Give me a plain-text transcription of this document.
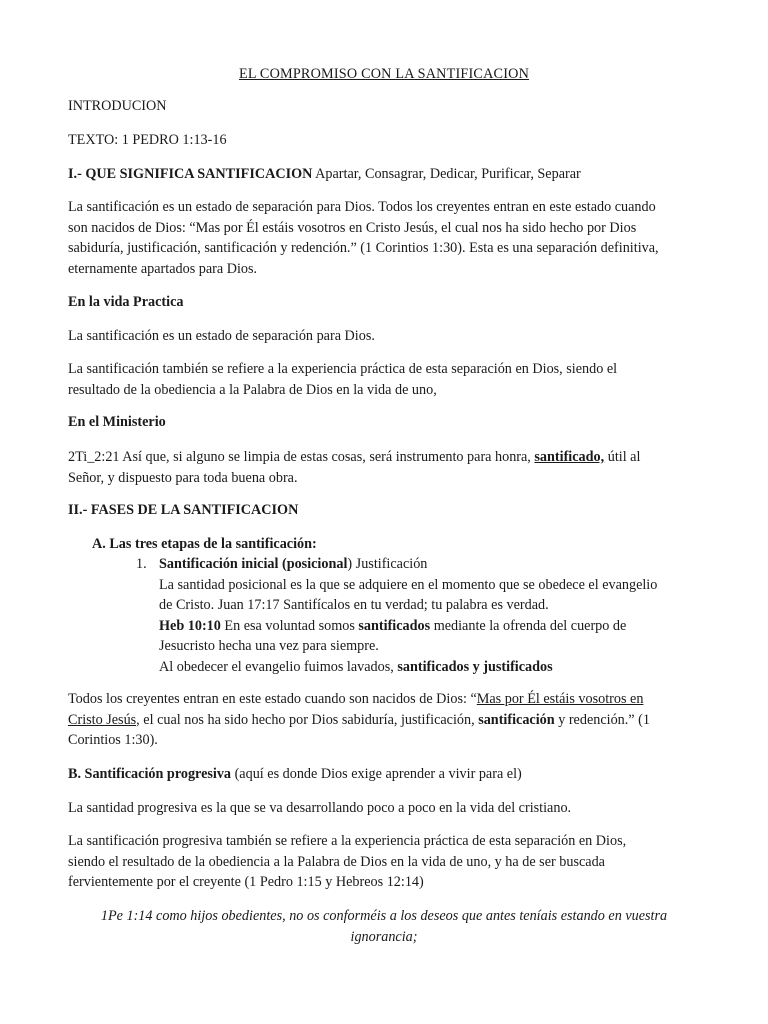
EL COMPROMISO CON LA SANTIFICACION

INTRODUCION

TEXTO: 1 PEDRO 1:13-16

I.- QUE SIGNIFICA SANTIFICACION Apartar, Consagrar, Dedicar, Purificar, Separar

La santificación es un estado de separación para Dios. Todos los creyentes entran en este estado cuando
son nacidos de Dios: “Mas por Él estáis vosotros en Cristo Jesús, el cual nos ha sido hecho por Dios
sabiduría, justificación, santificación y redención.” (1 Corintios 1:30). Esta es una separación definitiva,
eternamente apartados para Dios.

En la vida Practica

La santificación es un estado de separación para Dios.

La santificación también se refiere a la experiencia práctica de esta separación en Dios, siendo el
resultado de la obediencia a la Palabra de Dios en la vida de uno,

En el Ministerio

2Ti_2:21 Así que, si alguno se limpia de estas cosas, será instrumento para honra, santificado, útil al
Señor, y dispuesto para toda buena obra.

II.- FASES DE LA SANTIFICACION

A. Las tres etapas de la santificación:

1. Santificación inicial (posicional) Justificación
La santidad posicional es la que se adquiere en el momento que se obedece el evangelio
de Cristo. Juan 17:17 Santifícalos en tu verdad; tu palabra es verdad.
Heb 10:10 En esa voluntad somos santificados mediante la ofrenda del cuerpo de
Jesucristo hecha una vez para siempre.
Al obedecer el evangelio fuimos lavados, santificados y justificados
Todos los creyentes entran en este estado cuando son nacidos de Dios: “Mas por Él estáis vosotros en
Cristo Jesús, el cual nos ha sido hecho por Dios sabiduría, justificación, santificación y redención.” (1
Corintios 1:30).

B. Santificación progresiva (aquí es donde Dios exige aprender a vivir para el)

La santidad progresiva es la que se va desarrollando poco a poco en la vida del cristiano.

La santificación progresiva también se refiere a la experiencia práctica de esta separación en Dios,
siendo el resultado de la obediencia a la Palabra de Dios en la vida de uno, y ha de ser buscada
fervientemente por el creyente (1 Pedro 1:15 y Hebreos 12:14)
1Pe 1:14 como hijos obedientes, no os conforméis a los deseos que antes teníais estando en vuestra
ignorancia;
